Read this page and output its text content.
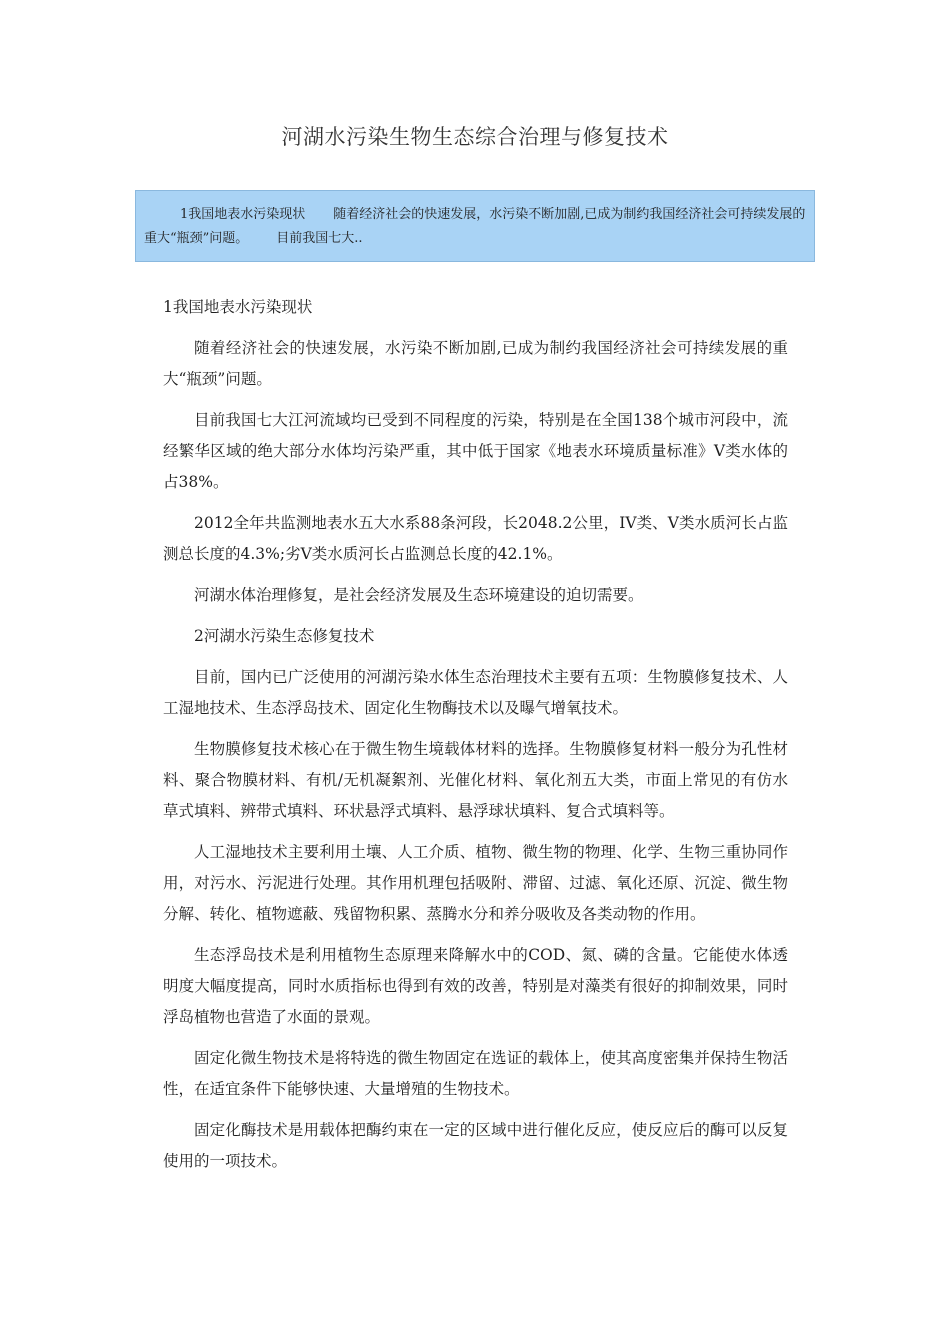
河湖水污染生物生态综合治理与修复技术
1我国地表水污染现状 随着经济社会的快速发展，水污染不断加剧,已成为制约我国经济社会可持续发展的重大“瓶颈”问题。 目前我国七大..

1我国地表水污染现状

随着经济社会的快速发展，水污染不断加剧,已成为制约我国经济社会可持续发展的重大“瓶颈”问题。

目前我国七大江河流域均已受到不同程度的污染，特别是在全国138个城市河段中，流经繁华区域的绝大部分水体均污染严重，其中低于国家《地表水环境质量标准》V类水体的占38%。

2012全年共监测地表水五大水系88条河段，长2048.2公里，IV类、V类水质河长占监测总长度的4.3%;劣V类水质河长占监测总长度的42.1%。

河湖水体治理修复，是社会经济发展及生态环境建设的迫切需要。

2河湖水污染生态修复技术

目前，国内已广泛使用的河湖污染水体生态治理技术主要有五项：生物膜修复技术、人工湿地技术、生态浮岛技术、固定化生物酶技术以及曝气增氧技术。

生物膜修复技术核心在于微生物生境载体材料的选择。生物膜修复材料一般分为孔性材料、聚合物膜材料、有机/无机凝絮剂、光催化材料、氧化剂五大类，市面上常见的有仿水草式填料、辨带式填料、环状悬浮式填料、悬浮球状填料、复合式填料等。

人工湿地技术主要利用土壤、人工介质、植物、微生物的物理、化学、生物三重协同作用，对污水、污泥进行处理。其作用机理包括吸附、滞留、过滤、氧化还原、沉淀、微生物分解、转化、植物遮蔽、残留物积累、蒸腾水分和养分吸收及各类动物的作用。

生态浮岛技术是利用植物生态原理来降解水中的COD、氮、磷的含量。它能使水体透明度大幅度提高，同时水质指标也得到有效的改善，特别是对藻类有很好的抑制效果，同时浮岛植物也营造了水面的景观。

固定化微生物技术是将特选的微生物固定在选证的载体上，使其高度密集并保持生物活性，在适宜条件下能够快速、大量增殖的生物技术。

固定化酶技术是用载体把酶约束在一定的区域中进行催化反应，使反应后的酶可以反复使用的一项技术。
